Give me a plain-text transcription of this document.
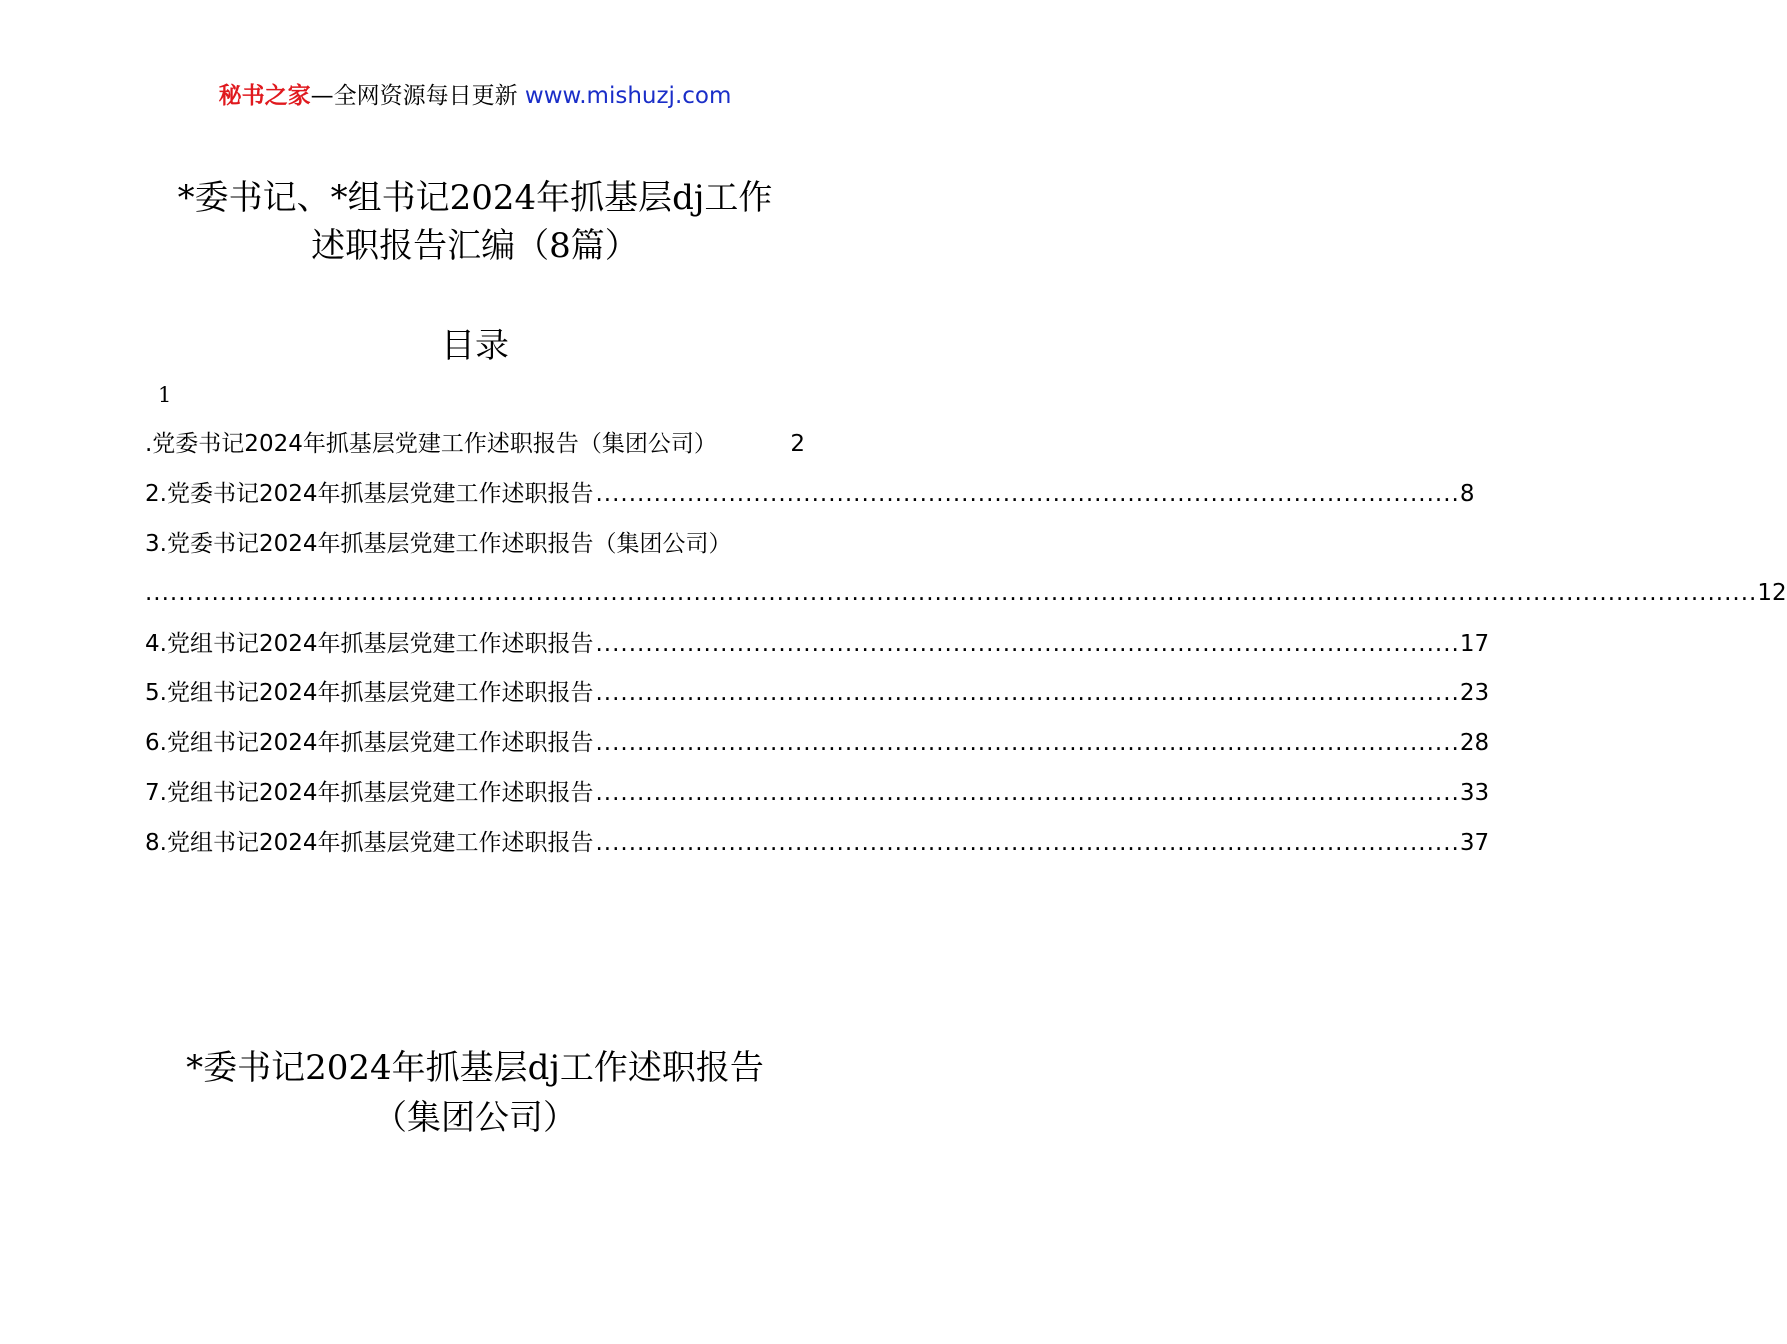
秘书之家—全网资源每日更新 www.mishuzj.com
*委书记、*组书记2024年抓基层dj工作
述职报告汇编（8篇）
目录
1
.党委书记2024年抓基层党建工作述职报告（集团公司）	2
2.党委书记2024年抓基层党建工作述职报告 ........................................................................................................ 8
3.党委书记2024年抓基层党建工作述职报告（集团公司）
.................................................................................................................................................................................................. 12
4.党组书记2024年抓基层党建工作述职报告 ........................................................................................................ 17
5.党组书记2024年抓基层党建工作述职报告 ........................................................................................................ 23
6.党组书记2024年抓基层党建工作述职报告 ........................................................................................................ 28
7.党组书记2024年抓基层党建工作述职报告 ........................................................................................................ 33
8.党组书记2024年抓基层党建工作述职报告 ........................................................................................................ 37
*委书记2024年抓基层dj工作述职报告
（集团公司）
